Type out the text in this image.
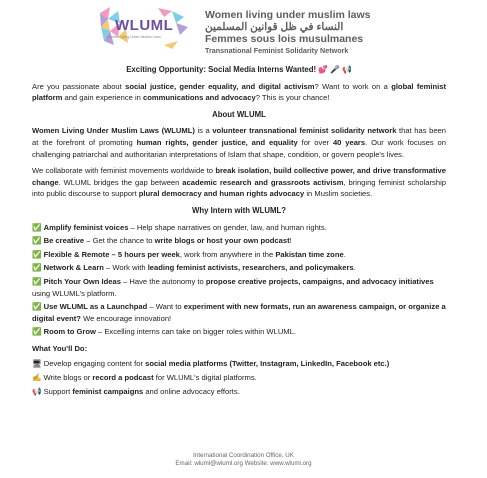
WLUML
Women Living Under Muslim Laws
Women living under muslim laws
النساء في ظل قوانين المسلمين
Femmes sous lois musulmanes
Transnational Feminist Solidarity Network
Exciting Opportunity: Social Media Interns Wanted! 💕 🎤 📢

Are you passionate about social justice, gender equality, and digital activism? Want to work on a global feminist platform and gain experience in communications and advocacy? This is your chance!

About WLUML

Women Living Under Muslim Laws (WLUML) is a volunteer transnational feminist solidarity network that has been at the forefront of promoting human rights, gender justice, and equality for over 40 years. Our work focuses on challenging patriarchal and authoritarian interpretations of Islam that shape, condition, or govern people's lives.

We collaborate with feminist movements worldwide to break isolation, build collective power, and drive transformative change. WLUML bridges the gap between academic research and grassroots activism, bringing feminist scholarship into public discourse to support plural democracy and human rights advocacy in Muslim societies.

Why Intern with WLUML?
✅ Amplify feminist voices – Help shape narratives on gender, law, and human rights.
✅ Be creative – Get the chance to write blogs or host your own podcast!
✅ Flexible & Remote – 5 hours per week, work from anywhere in the Pakistan time zone.
✅ Network & Learn – Work with leading feminist activists, researchers, and policymakers.
✅ Pitch Your Own Ideas – Have the autonomy to propose creative projects, campaigns, and advocacy initiatives using WLUML's platform.
✅ Use WLUML as a Launchpad – Want to experiment with new formats, run an awareness campaign, or organize a digital event? We encourage innovation!
✅ Room to Grow – Excelling interns can take on bigger roles within WLUML.
What You'll Do:
🖥 Develop engaging content for social media platforms (Twitter, Instagram, LinkedIn, Facebook etc.)
✍ Write blogs or record a podcast for WLUML's digital platforms.
📢 Support feminist campaigns and online advocacy efforts.
International Coordination Office, UK
Email: wluml@wluml.org Website: www.wluml.org
